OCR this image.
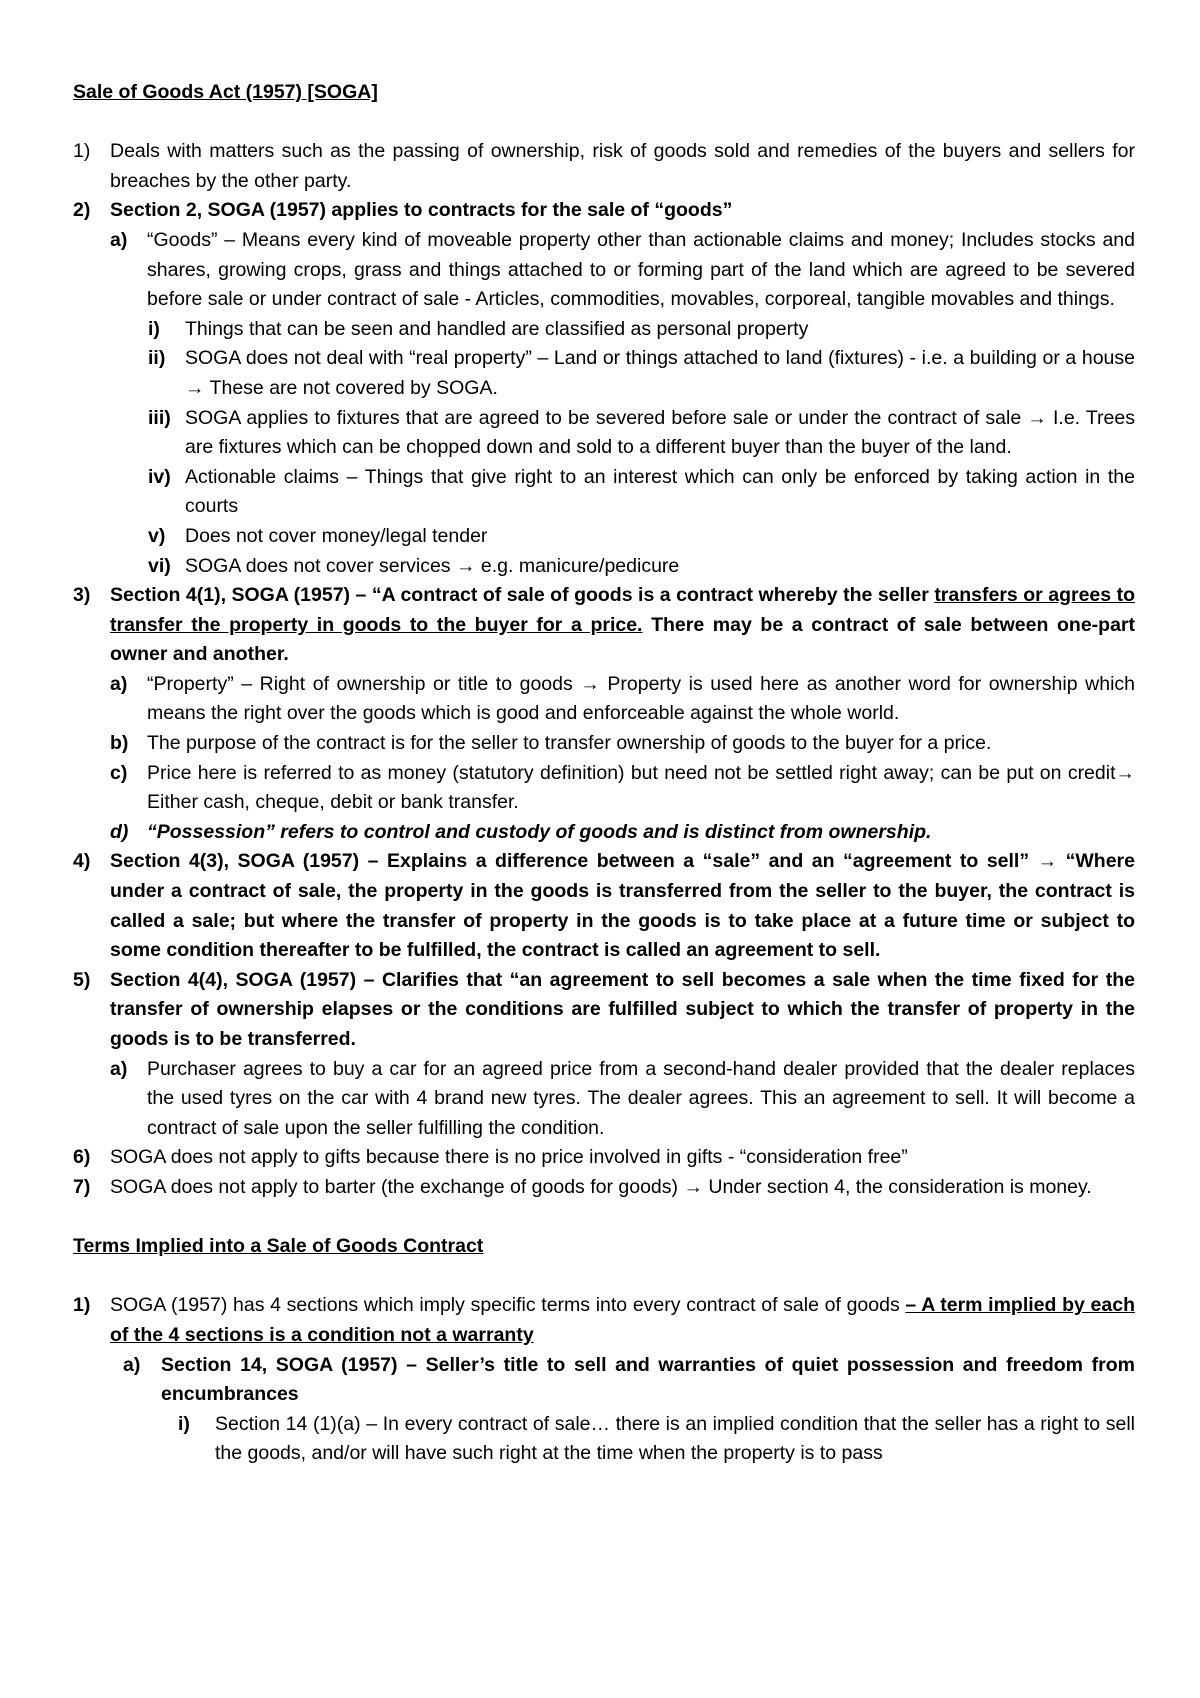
Sale of Goods Act (1957) [SOGA]

1)	Deals with matters such as the passing of ownership, risk of goods sold and remedies of the buyers and sellers for breaches by the other party.
2)	Section 2, SOGA (1957) applies to contracts for the sale of “goods”
a)	“Goods” – Means every kind of moveable property other than actionable claims and money; Includes stocks and shares, growing crops, grass and things attached to or forming part of the land which are agreed to be severed before sale or under contract of sale - Articles, commodities, movables, corporeal, tangible movables and things.
i)	Things that can be seen and handled are classified as personal property
ii)	SOGA does not deal with “real property” – Land or things attached to land (fixtures) - i.e. a building or a house → These are not covered by SOGA.
iii) SOGA applies to fixtures that are agreed to be severed before sale or under the contract of sale → I.e. Trees are fixtures which can be chopped down and sold to a different buyer than the buyer of the land.
iv) Actionable claims – Things that give right to an interest which can only be enforced by taking action in the courts
v)	Does not cover money/legal tender
vi) SOGA does not cover services → e.g. manicure/pedicure
3)	Section 4(1), SOGA (1957) – “A contract of sale of goods is a contract whereby the seller transfers or agrees to transfer the property in goods to the buyer for a price. There may be a contract of sale between one-part owner and another.
a)	“Property” – Right of ownership or title to goods → Property is used here as another word for ownership which means the right over the goods which is good and enforceable against the whole world.
b) The purpose of the contract is for the seller to transfer ownership of goods to the buyer for a price.
c)	Price here is referred to as money (statutory definition) but need not be settled right away; can be put on credit→ Either cash, cheque, debit or bank transfer.
d) “Possession” refers to control and custody of goods and is distinct from ownership.
4)	Section 4(3), SOGA (1957) – Explains a difference between a “sale” and an “agreement to sell” → “Where under a contract of sale, the property in the goods is transferred from the seller to the buyer, the contract is called a sale; but where the transfer of property in the goods is to take place at a future time or subject to some condition thereafter to be fulfilled, the contract is called an agreement to sell.
5)	Section 4(4), SOGA (1957) – Clarifies that “an agreement to sell becomes a sale when the time fixed for the transfer of ownership elapses or the conditions are fulfilled subject to which the transfer of property in the goods is to be transferred.
a)	Purchaser agrees to buy a car for an agreed price from a second-hand dealer provided that the dealer replaces the used tyres on the car with 4 brand new tyres. The dealer agrees. This an agreement to sell. It will become a contract of sale upon the seller fulfilling the condition.
6)	SOGA does not apply to gifts because there is no price involved in gifts - “consideration free”
7)	SOGA does not apply to barter (the exchange of goods for goods) → Under section 4, the consideration is money.

Terms Implied into a Sale of Goods Contract

1)	SOGA (1957) has 4 sections which imply specific terms into every contract of sale of goods – A term implied by each of the 4 sections is a condition not a warranty
a)	Section 14, SOGA (1957) – Seller’s title to sell and warranties of quiet possession and freedom from encumbrances
i)	Section 14 (1)(a) – In every contract of sale… there is an implied condition that the seller has a right to sell the goods, and/or will have such right at the time when the property is to pass
